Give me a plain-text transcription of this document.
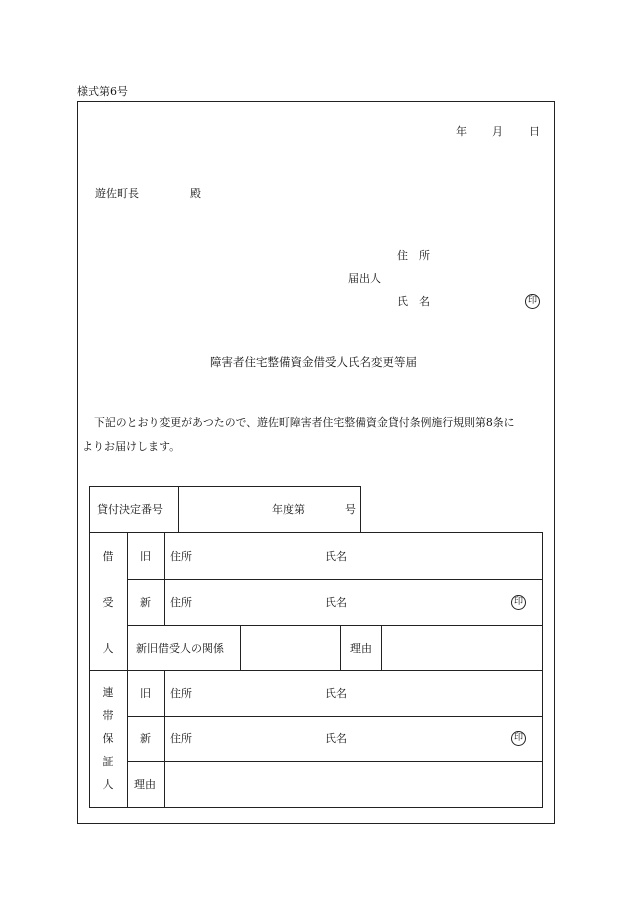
様式第6号
年 月 日
遊佐町長	殿
住　所
届出人
氏　名	印
障害者住宅整備資金借受人氏名変更等届
下記のとおり変更があつたので、遊佐町障害者住宅整備資金貸付条例施行規則第8条に
よりお届けします。
貸付決定番号	年度第	号
借
受
人
旧 住所	氏名
新 住所	氏名	印
新旧借受人の関係	理由
連
帯
保
証
人
旧 住所	氏名
新 住所	氏名	印
理由
